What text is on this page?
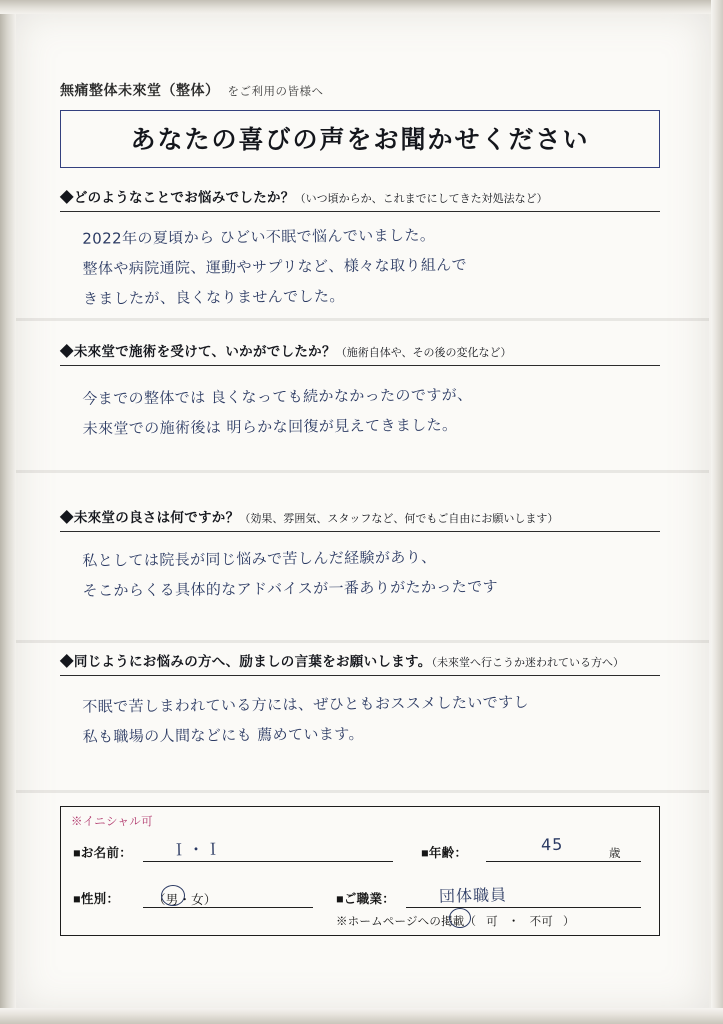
無痛整体未來堂（整体） をご利用の皆様へ
あなたの喜びの声をお聞かせください
◆どのようなことでお悩みでしたか？（いつ頃からか、これまでにしてきた対処法など）
2022年の夏頃から ひどい不眠で悩んでいました。
整体や病院通院、運動やサプリなど、様々な取り組んで
きましたが、良くなりませんでした。
◆未來堂で施術を受けて、いかがでしたか？（施術自体や、その後の変化など）
今までの整体では 良くなっても続かなかったのですが、
未來堂での施術後は 明らかな回復が見えてきました。
◆未來堂の良さは何ですか？（効果、雰囲気、スタッフなど、何でもご自由にお願いします）
私としては院長が同じ悩みで苦しんだ経験があり、
そこからくる具体的なアドバイスが一番ありがたかったです
◆同じようにお悩みの方へ、励ましの言葉をお願いします。（未來堂へ行こうか迷われている方へ）
不眠で苦しまわれている方には、ぜひともおススメしたいですし
私も職場の人間などにも 薦めています。
※イニシャル可
■お名前： Ｉ・Ｉ	■年齢：	45	歳
■性別：	（男・女）	■ご職業：	団体職員
※ホームページへの掲載（ 可 ・ 不可 ）
